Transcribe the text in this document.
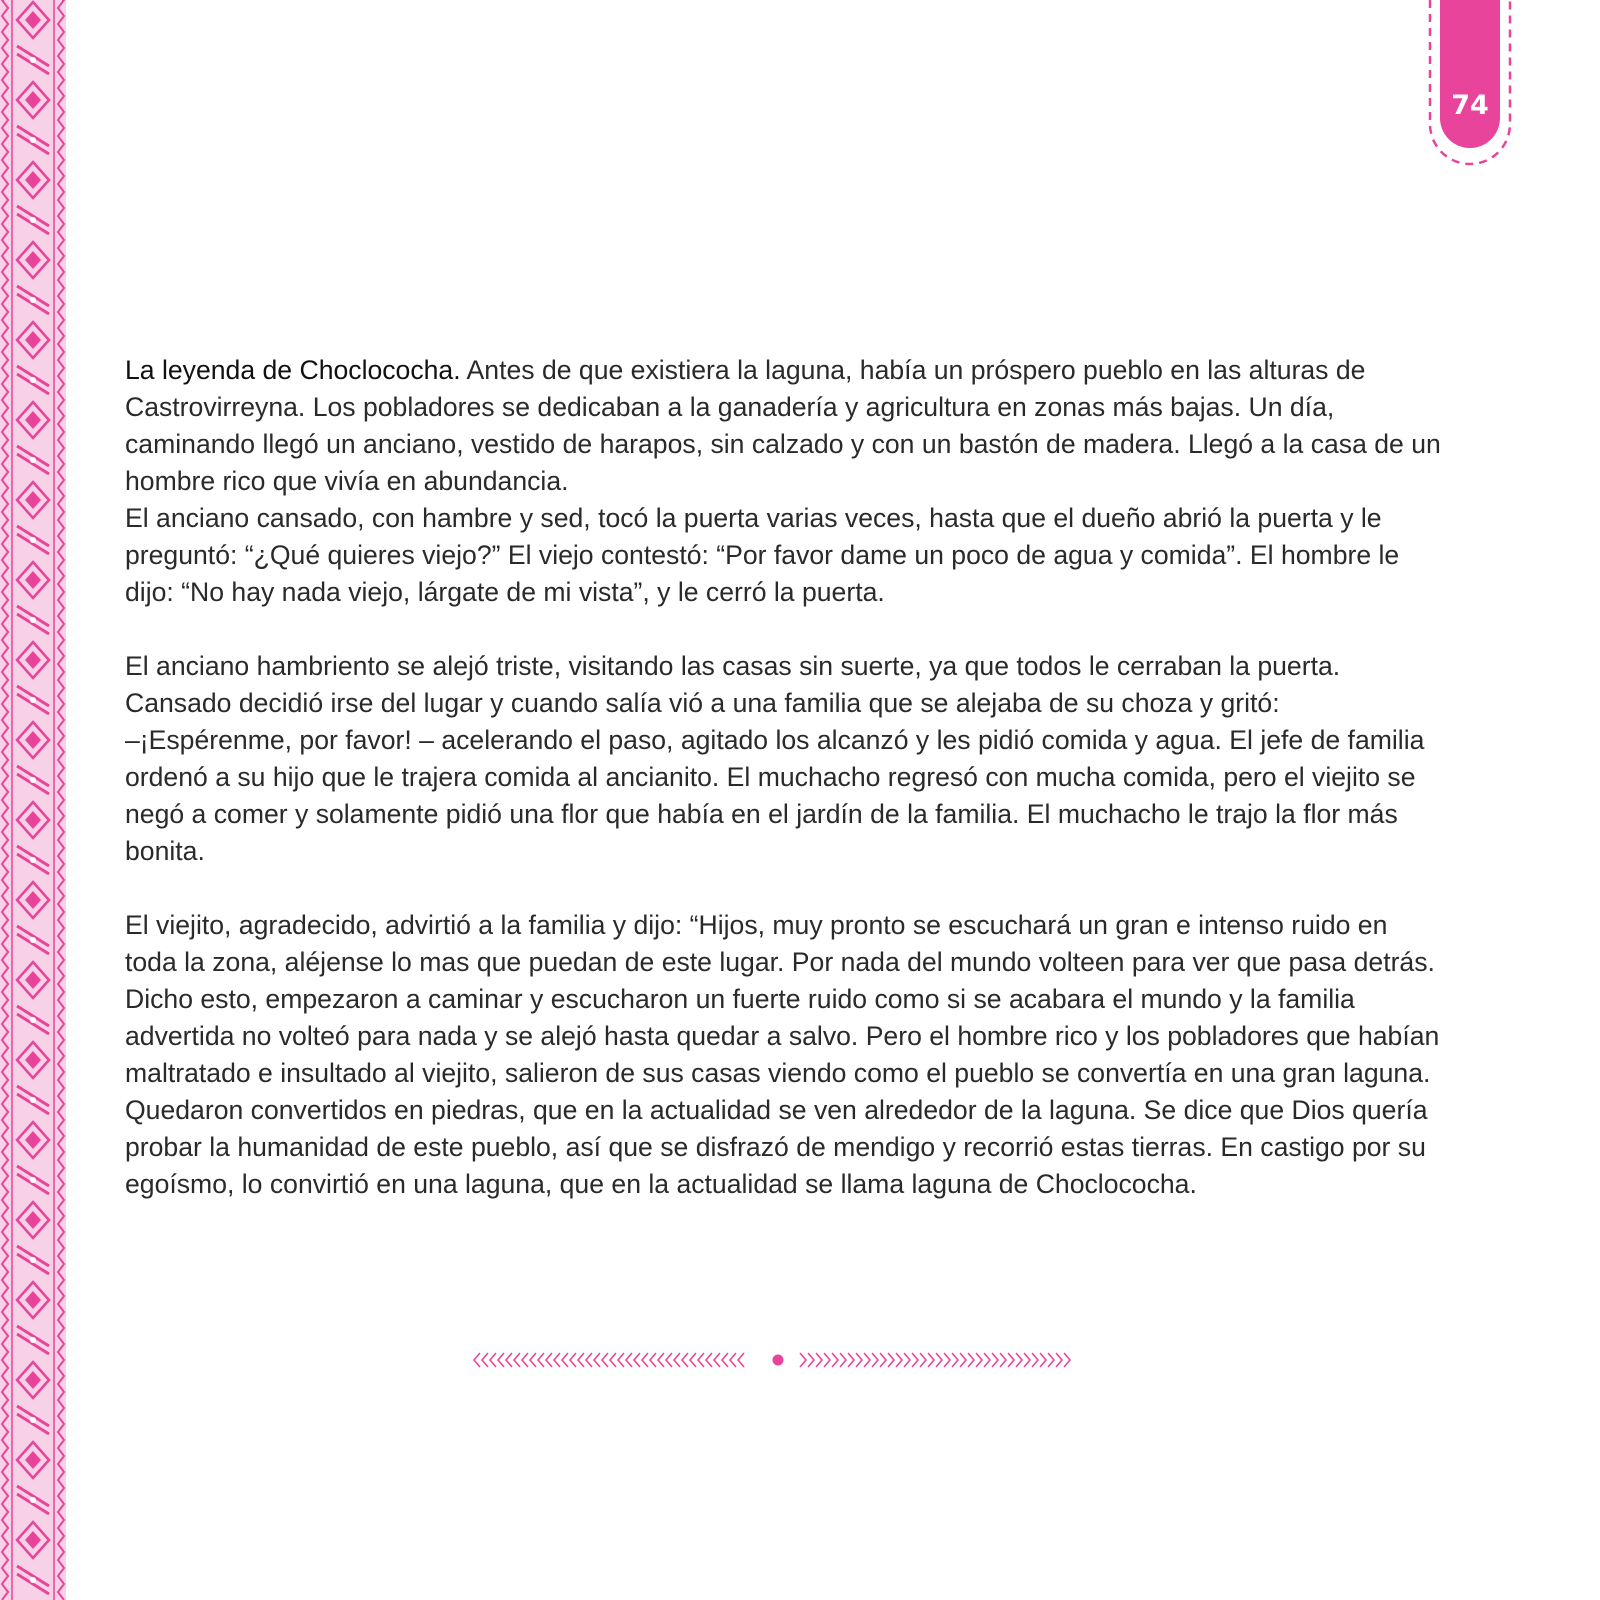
74

La leyenda de Choclococha. Antes de que existiera la laguna, había un próspero pueblo en las alturas de Castrovirreyna. Los pobladores se dedicaban a la ganadería y agricultura en zonas más bajas. Un día, caminando llegó un anciano, vestido de harapos, sin calzado y con un bastón de madera. Llegó a la casa de un hombre rico que vivía en abundancia.

El anciano cansado, con hambre y sed, tocó la puerta varias veces, hasta que el dueño abrió la puerta y le preguntó: “¿Qué quieres viejo?” El viejo contestó: “Por favor dame un poco de agua y comida”. El hombre le dijo: “No hay nada viejo, lárgate de mi vista”, y le cerró la puerta.

El anciano hambriento se alejó triste, visitando las casas sin suerte, ya que todos le cerraban la puerta. Cansado decidió irse del lugar y cuando salía vió a una familia que se alejaba de su choza y gritó:

–¡Espérenme, por favor! – acelerando el paso, agitado los alcanzó y les pidió comida y agua. El jefe de familia ordenó a su hijo que le trajera comida al ancianito. El muchacho regresó con mucha comida, pero el viejito se negó a comer y solamente pidió una flor que había en el jardín de la familia. El muchacho le trajo la flor más bonita.

El viejito, agradecido, advirtió a la familia y dijo: “Hijos, muy pronto se escuchará un gran e intenso ruido en toda la zona, aléjense lo mas que puedan de este lugar. Por nada del mundo volteen para ver que pasa detrás. Dicho esto, empezaron a caminar y escucharon un fuerte ruido como si se acabara el mundo y la familia advertida no volteó para nada y se alejó hasta quedar a salvo. Pero el hombre rico y los pobladores que habían maltratado e insultado al viejito, salieron de sus casas viendo como el pueblo se convertía en una gran laguna. Quedaron convertidos en piedras, que en la actualidad se ven alrededor de la laguna. Se dice que Dios quería probar la humanidad de este pueblo, así que se disfrazó de mendigo y recorrió estas tierras. En castigo por su egoísmo, lo convirtió en una laguna, que en la actualidad se llama laguna de Choclococha.
